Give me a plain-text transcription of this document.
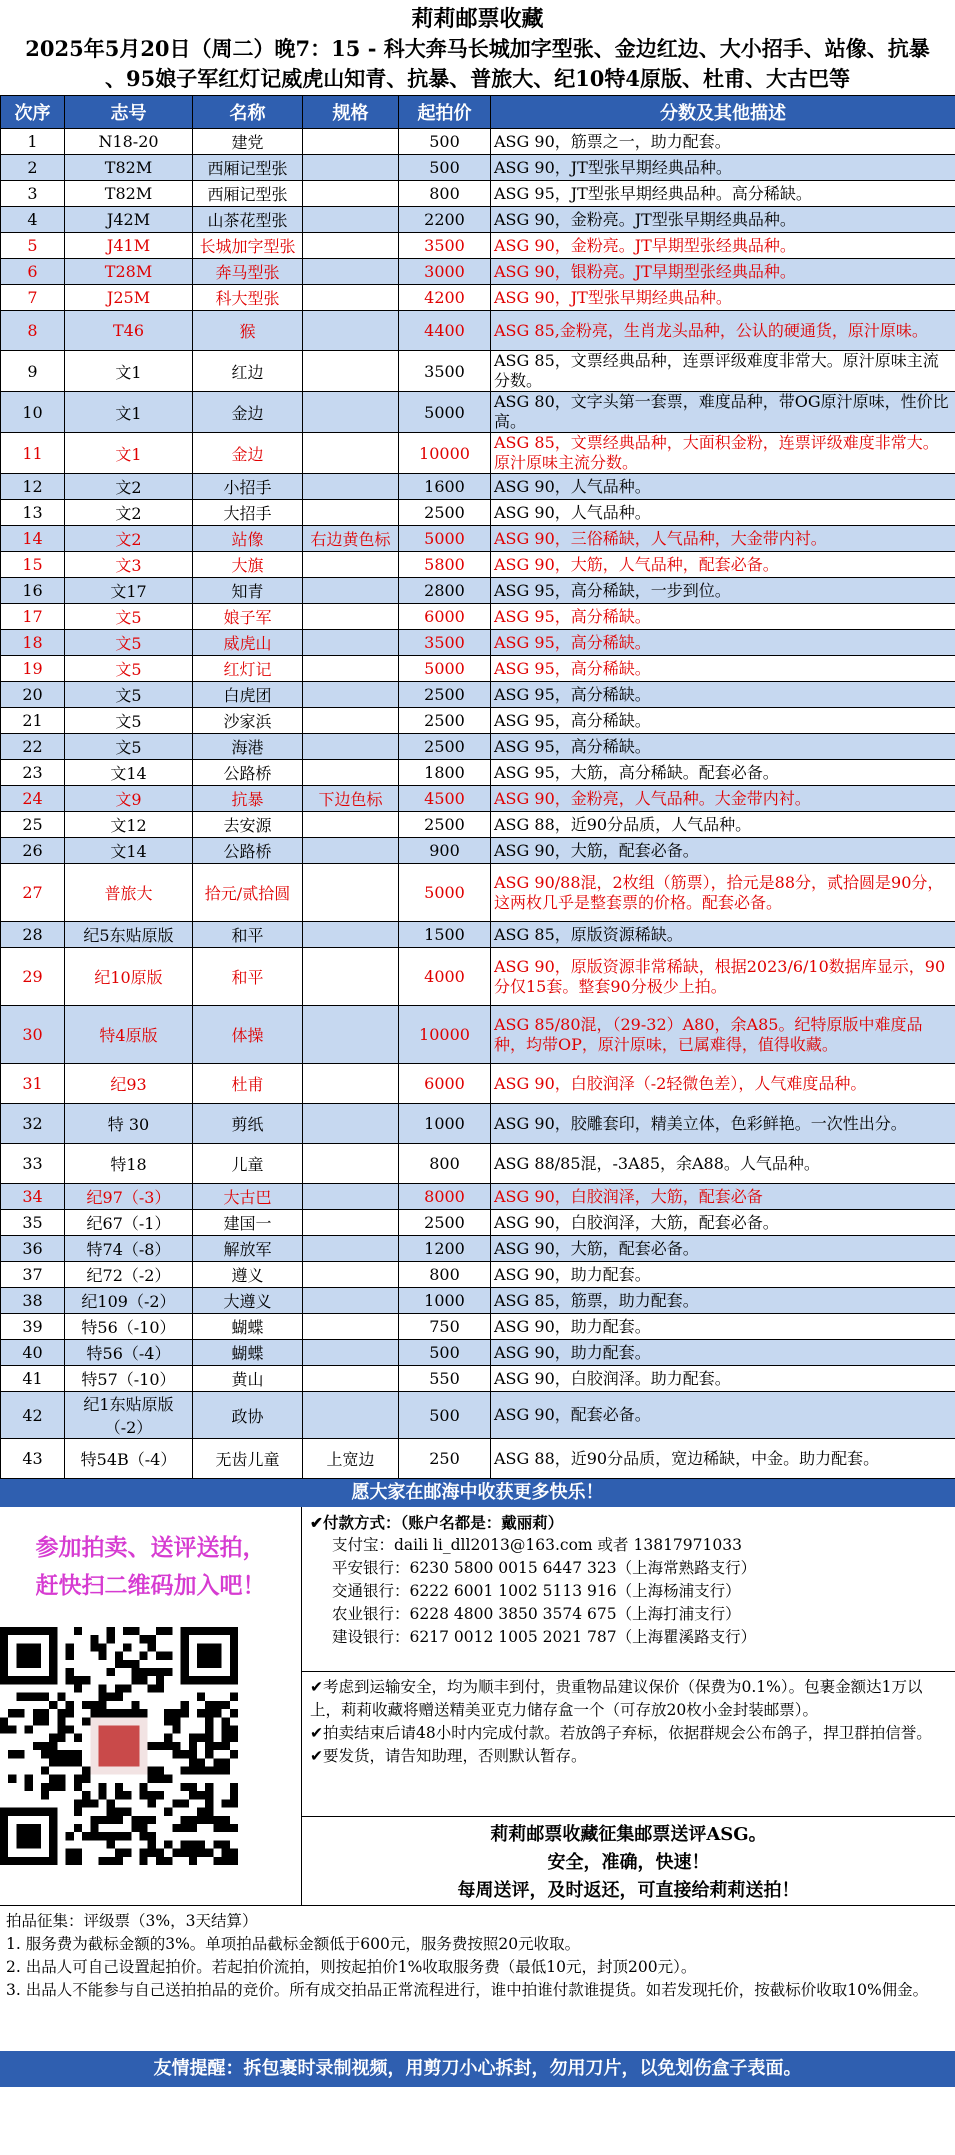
莉莉邮票收藏
2025年5月20日（周二）晚7：15 - 科大奔马长城加字型张、金边红边、大小招手、站像、抗暴
、95娘子军红灯记威虎山知青、抗暴、普旅大、纪10特4原版、杜甫、大古巴等
次序	志号	名称	规格	起拍价	分数及其他描述
1	N18-20	建党		500	ASG 90，筋票之一，助力配套。
2	T82M	西厢记型张		500	ASG 90，JT型张早期经典品种。
3	T82M	西厢记型张		800	ASG 95，JT型张早期经典品种。高分稀缺。
4	J42M	山茶花型张		2200	ASG 90，金粉亮。JT型张早期经典品种。
5	J41M	长城加字型张		3500	ASG 90，金粉亮。JT早期型张经典品种。
6	T28M	奔马型张		3000	ASG 90，银粉亮。JT早期型张经典品种。
7	J25M	科大型张		4200	ASG 90，JT型张早期经典品种。
8	T46	猴		4400	ASG 85,金粉亮，生肖龙头品种，公认的硬通货，原汁原味。
9	文1	红边		3500	ASG 85，文票经典品种，连票评级难度非常大。原汁原味主流分数。
10	文1	金边		5000	ASG 80，文字头第一套票，难度品种，带OG原汁原味，性价比高。
11	文1	金边		10000	ASG 85，文票经典品种，大面积金粉，连票评级难度非常大。原汁原味主流分数。
12	文2	小招手		1600	ASG 90，人气品种。
13	文2	大招手		2500	ASG 90，人气品种。
14	文2	站像	右边黄色标	5000	ASG 90，三俗稀缺，人气品种，大金带内衬。
15	文3	大旗		5800	ASG 90，大筋，人气品种，配套必备。
16	文17	知青		2800	ASG 95，高分稀缺，一步到位。
17	文5	娘子军		6000	ASG 95，高分稀缺。
18	文5	威虎山		3500	ASG 95，高分稀缺。
19	文5	红灯记		5000	ASG 95，高分稀缺。
20	文5	白虎团		2500	ASG 95，高分稀缺。
21	文5	沙家浜		2500	ASG 95，高分稀缺。
22	文5	海港		2500	ASG 95，高分稀缺。
23	文14	公路桥		1800	ASG 95，大筋，高分稀缺。配套必备。
24	文9	抗暴	下边色标	4500	ASG 90，金粉亮，人气品种。大金带内衬。
25	文12	去安源		2500	ASG 88，近90分品质，人气品种。
26	文14	公路桥		900	ASG 90，大筋，配套必备。
27	普旅大	拾元/贰拾圆		5000	ASG 90/88混，2枚组（筋票），拾元是88分，贰拾圆是90分，这两枚几乎是整套票的价格。配套必备。
28	纪5东贴原版	和平		1500	ASG 85，原版资源稀缺。
29	纪10原版	和平		4000	ASG 90，原版资源非常稀缺，根据2023/6/10数据库显示，90分仅15套。整套90分极少上拍。
30	特4原版	体操		10000	ASG 85/80混，（29-32）A80，余A85。纪特原版中难度品种，均带OP，原汁原味，已属难得，值得收藏。
31	纪93	杜甫		6000	ASG 90，白胶润泽（-2轻微色差），人气难度品种。
32	特 30	剪纸		1000	ASG 90，胶雕套印，精美立体，色彩鲜艳。一次性出分。
33	特18	儿童		800	ASG 88/85混，-3A85，余A88。人气品种。
34	纪97（-3）	大古巴		8000	ASG 90，白胶润泽，大筋，配套必备
35	纪67（-1）	建国一		2500	ASG 90，白胶润泽，大筋，配套必备。
36	特74（-8）	解放军		1200	ASG 90，大筋，配套必备。
37	纪72（-2）	遵义		800	ASG 90，助力配套。
38	纪109（-2）	大遵义		1000	ASG 85，筋票，助力配套。
39	特56（-10）	蝴蝶		750	ASG 90，助力配套。
40	特56（-4）	蝴蝶		500	ASG 90，助力配套。
41	特57（-10）	黄山		550	ASG 90，白胶润泽。助力配套。
42	纪1东贴原版（-2）	政协		500	ASG 90，配套必备。
43	特54B（-4）	无齿儿童	上宽边	250	ASG 88，近90分品质，宽边稀缺，中金。助力配套。
愿大家在邮海中收获更多快乐！
参加拍卖、送评送拍，
赶快扫二维码加入吧！
✔付款方式：（账户名都是：戴丽莉）
支付宝：daili li_dll2013@163.com 或者 13817971033
平安银行：6230 5800 0015 6447 323（上海常熟路支行）
交通银行：6222 6001 1002 5113 916（上海杨浦支行）
农业银行：6228 4800 3850 3574 675（上海打浦支行）
建设银行：6217 0012 1005 2021 787（上海瞿溪路支行）
✔考虑到运输安全，均为顺丰到付，贵重物品建议保价（保费为0.1%）。包裹金额达1万以上，莉莉收藏将赠送精美亚克力储存盒一个（可存放20枚小金封装邮票）。
✔拍卖结束后请48小时内完成付款。若放鸽子弃标，依据群规会公布鸽子，捍卫群拍信誉。
✔要发货，请告知助理，否则默认暂存。
莉莉邮票收藏征集邮票送评ASG。
安全，准确，快速！
每周送评，及时返还，可直接给莉莉送拍！
拍品征集：评级票（3%，3天结算）
1. 服务费为截标金额的3%。单项拍品截标金额低于600元，服务费按照20元收取。
2. 出品人可自己设置起拍价。若起拍价流拍，则按起拍价1%收取服务费（最低10元，封顶200元）。
3. 出品人不能参与自己送拍拍品的竞价。所有成交拍品正常流程进行，谁中拍谁付款谁提货。如若发现托价，按截标价收取10%佣金。
友情提醒：拆包裹时录制视频，用剪刀小心拆封，勿用刀片，以免划伤盒子表面。
